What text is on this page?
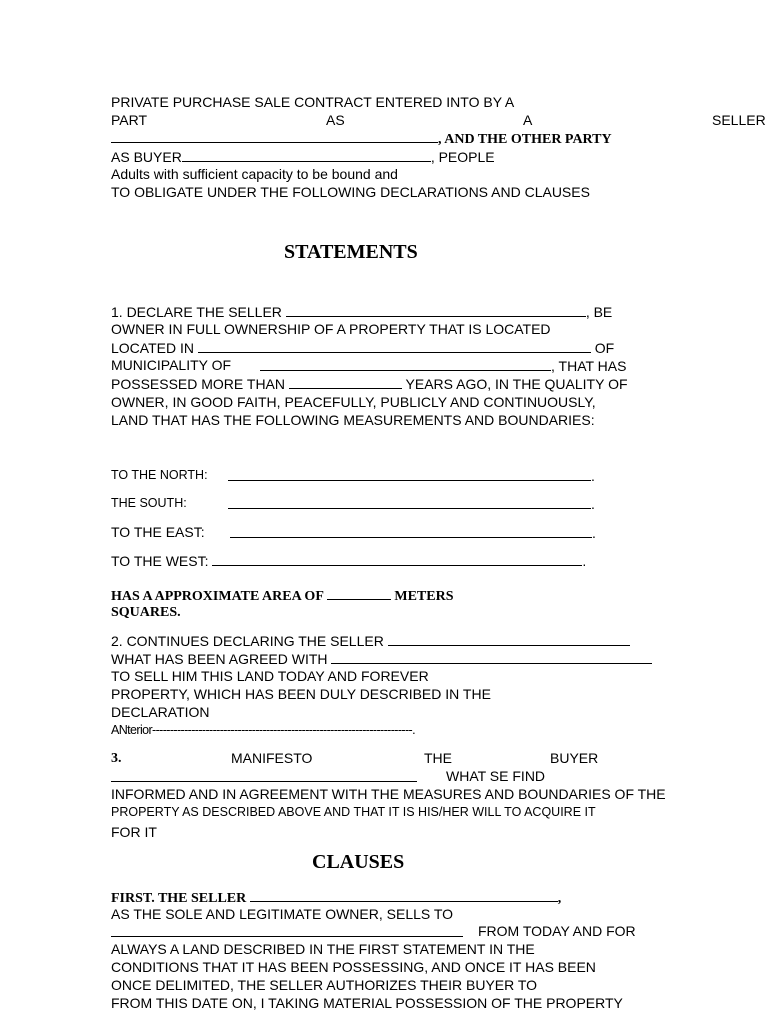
PRIVATE PURCHASE SALE CONTRACT ENTERED INTO BY A
PART	AS	A	SELLER
, AND THE OTHER PARTY
AS BUYER	, PEOPLE
Adults with sufficient capacity to be bound and
TO OBLIGATE UNDER THE FOLLOWING DECLARATIONS AND CLAUSES
STATEMENTS
1. DECLARE THE SELLER	, BE
OWNER IN FULL OWNERSHIP OF A PROPERTY THAT IS LOCATED
LOCATED IN	OF
MUNICIPALITY OF	, THAT HAS
POSSESSED MORE THAN	YEARS AGO, IN THE QUALITY OF
OWNER, IN GOOD FAITH, PEACEFULLY, PUBLICLY AND CONTINUOUSLY,
LAND THAT HAS THE FOLLOWING MEASUREMENTS AND BOUNDARIES:
TO THE NORTH:	.
THE SOUTH:	.
TO THE EAST:	.
TO THE WEST:	.
HAS A APPROXIMATE AREA OF	METERS
SQUARES.
2. CONTINUES DECLARING THE SELLER
WHAT HAS BEEN AGREED WITH
TO SELL HIM THIS LAND TODAY AND FOREVER
PROPERTY, WHICH HAS BEEN DULY DESCRIBED IN THE
DECLARATION
ANterior-------------------------------------------------------------------------.
3.	MANIFESTO	THE	BUYER
WHAT SE FIND
INFORMED AND IN AGREEMENT WITH THE MEASURES AND BOUNDARIES OF THE
PROPERTY AS DESCRIBED ABOVE AND THAT IT IS HIS/HER WILL TO ACQUIRE IT
FOR IT
CLAUSES
FIRST. THE SELLER	,
AS THE SOLE AND LEGITIMATE OWNER, SELLS TO
FROM TODAY AND FOR
ALWAYS A LAND DESCRIBED IN THE FIRST STATEMENT IN THE
CONDITIONS THAT IT HAS BEEN POSSESSING, AND ONCE IT HAS BEEN
ONCE DELIMITED, THE SELLER AUTHORIZES THEIR BUYER TO
FROM THIS DATE ON, I TAKING MATERIAL POSSESSION OF THE PROPERTY
